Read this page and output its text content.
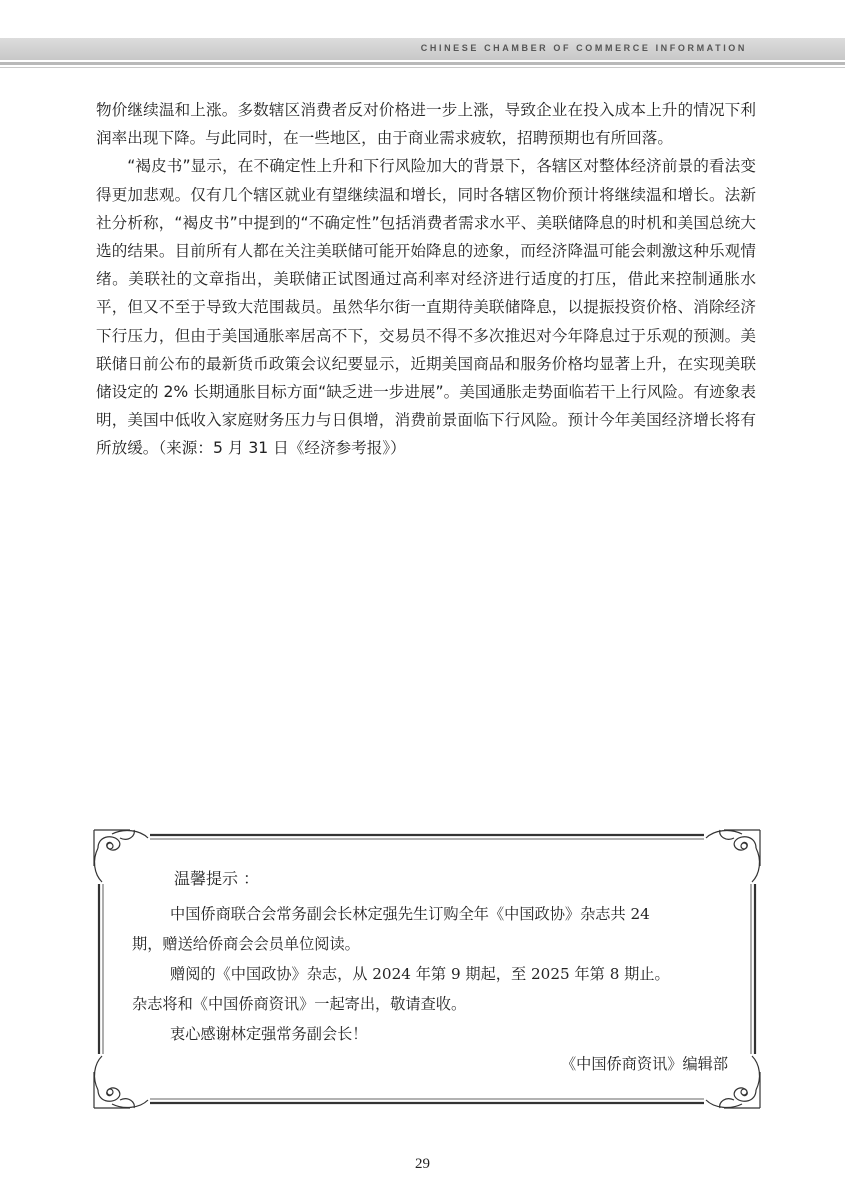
CHINESE CHAMBER OF COMMERCE INFORMATION

物价继续温和上涨。多数辖区消费者反对价格进一步上涨，导致企业在投入成本上升的情况下利润率出现下降。与此同时，在一些地区，由于商业需求疲软，招聘预期也有所回落。

“褐皮书”显示，在不确定性上升和下行风险加大的背景下，各辖区对整体经济前景的看法变得更加悲观。仅有几个辖区就业有望继续温和增长，同时各辖区物价预计将继续温和增长。法新社分析称，“褐皮书”中提到的“不确定性”包括消费者需求水平、美联储降息的时机和美国总统大选的结果。目前所有人都在关注美联储可能开始降息的迹象，而经济降温可能会刺激这种乐观情绪。美联社的文章指出，美联储正试图通过高利率对经济进行适度的打压，借此来控制通胀水平，但又不至于导致大范围裁员。虽然华尔街一直期待美联储降息，以提振投资价格、消除经济下行压力，但由于美国通胀率居高不下，交易员不得不多次推迟对今年降息过于乐观的预测。美联储日前公布的最新货币政策会议纪要显示，近期美国商品和服务价格均显著上升，在实现美联储设定的 2% 长期通胀目标方面“缺乏进一步进展”。美国通胀走势面临若干上行风险。有迹象表明，美国中低收入家庭财务压力与日俱增，消费前景面临下行风险。预计今年美国经济增长将有所放缓。（来源：5 月 31 日《经济参考报》）

温馨提示 ：

中国侨商联合会常务副会长林定强先生订购全年《中国政协》杂志共 24

期，赠送给侨商会会员单位阅读。

赠阅的《中国政协》杂志，从 2024 年第 9 期起，至 2025 年第 8 期止。

杂志将和《中国侨商资讯》一起寄出，敬请查收。

衷心感谢林定强常务副会长！

《中国侨商资讯》编辑部

29
